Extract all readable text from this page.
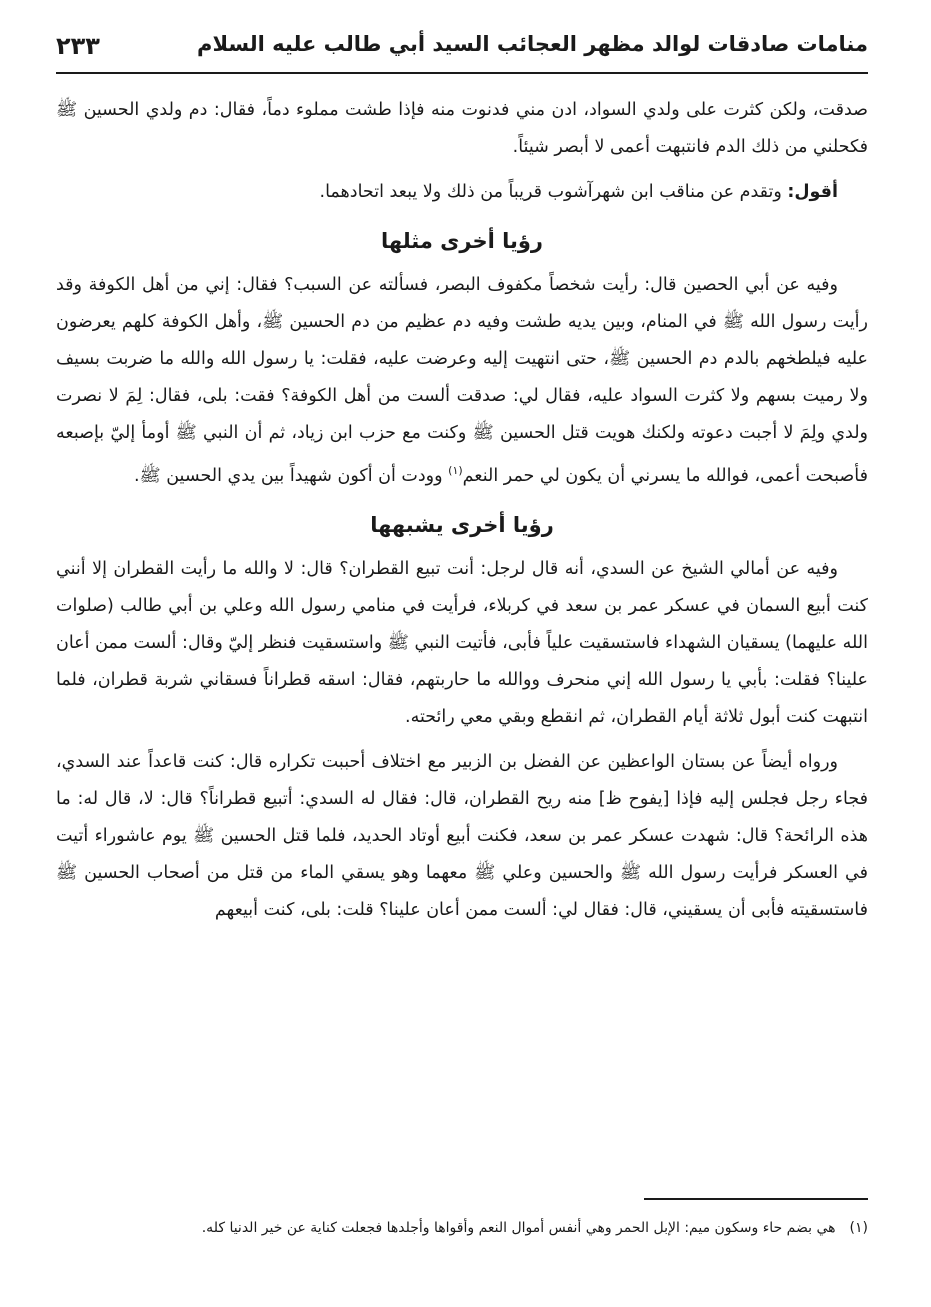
منامات صادقات لوالد مظهر العجائب السيد أبي طالب عليه السلام
٢٣٣

صدقت، ولكن كثرت على ولدي السواد، ادن مني فدنوت منه فإذا طشت مملوء دماً، فقال: دم ولدي الحسين ﷺ فكحلني من ذلك الدم فانتبهت أعمى لا أبصر شيئاً.

أقول: وتقدم عن مناقب ابن شهرآشوب قريباً من ذلك ولا يبعد اتحادهما.

رؤيا أخرى مثلها

وفيه عن أبي الحصين قال: رأيت شخصاً مكفوف البصر، فسألته عن السبب؟ فقال: إني من أهل الكوفة وقد رأيت رسول الله ﷺ في المنام، وبين يديه طشت وفيه دم عظيم من دم الحسين ﷺ، وأهل الكوفة كلهم يعرضون عليه فيلطخهم بالدم دم الحسين ﷺ، حتى انتهيت إليه وعرضت عليه، فقلت: يا رسول الله والله ما ضربت بسيف ولا رميت بسهم ولا كثرت السواد عليه، فقال لي: صدقت ألست من أهل الكوفة؟ فقت: بلى، فقال: لِمَ لا نصرت ولدي ولِمَ لا أجبت دعوته ولكنك هويت قتل الحسين ﷺ وكنت مع حزب ابن زياد، ثم أن النبي ﷺ أومأ إليّ بإصبعه فأصبحت أعمى، فوالله ما يسرني أن يكون لي حمر النعم$^{(١)}$ وودت أن أكون شهيداً بين يدي الحسين ﷺ.

رؤيا أخرى يشبهها

وفيه عن أمالي الشيخ عن السدي، أنه قال لرجل: أنت تبيع القطران؟ قال: لا والله ما رأيت القطران إلا أنني كنت أبيع السمان في عسكر عمر بن سعد في كربلاء، فرأيت في منامي رسول الله وعلي بن أبي طالب (صلوات الله عليهما) يسقيان الشهداء فاستسقيت علياً فأبى، فأتيت النبي ﷺ واستسقيت فنظر إليّ وقال: ألست ممن أعان علينا؟ فقلت: بأبي يا رسول الله إني منحرف ووالله ما حاربتهم، فقال: اسقه قطراناً فسقاني شربة قطران، فلما انتبهت كنت أبول ثلاثة أيام القطران، ثم انقطع وبقي معي رائحته.

ورواه أيضاً عن بستان الواعظين عن الفضل بن الزبير مع اختلاف أحببت تكراره قال: كنت قاعداً عند السدي، فجاء رجل فجلس إليه فإذا [يفوح ظ] منه ريح القطران، قال: فقال له السدي: أتبيع قطراناً؟ قال: لا، قال له: ما هذه الرائحة؟ قال: شهدت عسكر عمر بن سعد، فكنت أبيع أوتاد الحديد، فلما قتل الحسين ﷺ يوم عاشوراء أتيت في العسكر فرأيت رسول الله ﷺ والحسين وعلي ﷺ معهما وهو يسقي الماء من قتل من أصحاب الحسين ﷺ فاستسقيته فأبى أن يسقيني، قال: فقال لي: ألست ممن أعان علينا؟ قلت: بلى، كنت أبيعهم

(١)هي بضم حاء وسكون ميم: الإبل الحمر وهي أنفس أموال النعم وأقواها وأجلدها فجعلت كناية عن خير الدنيا كله.
